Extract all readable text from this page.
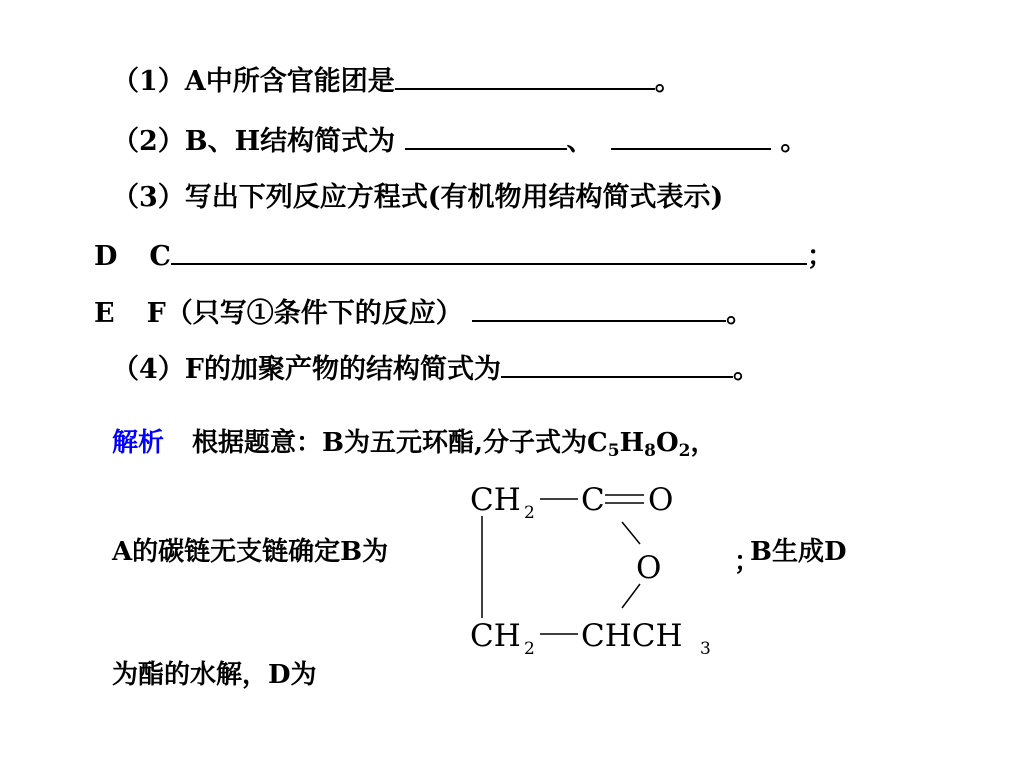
（1）A中所含官能团是	。
（2）B、H结构简式为	、	。
（3）写出下列反应方程式(有机物用结构简式表示)
D C	；
E F（只写①条件下的反应）	。
（4）F的加聚产物的结构简式为	。
解析 根据题意：B为五元环酯,分子式为$C_5H_8O_2$，
A的碳链无支链确定B为	；B生成D
CH 2 C O
O
CH 2 CHCH 3
为酯的水解，D为
